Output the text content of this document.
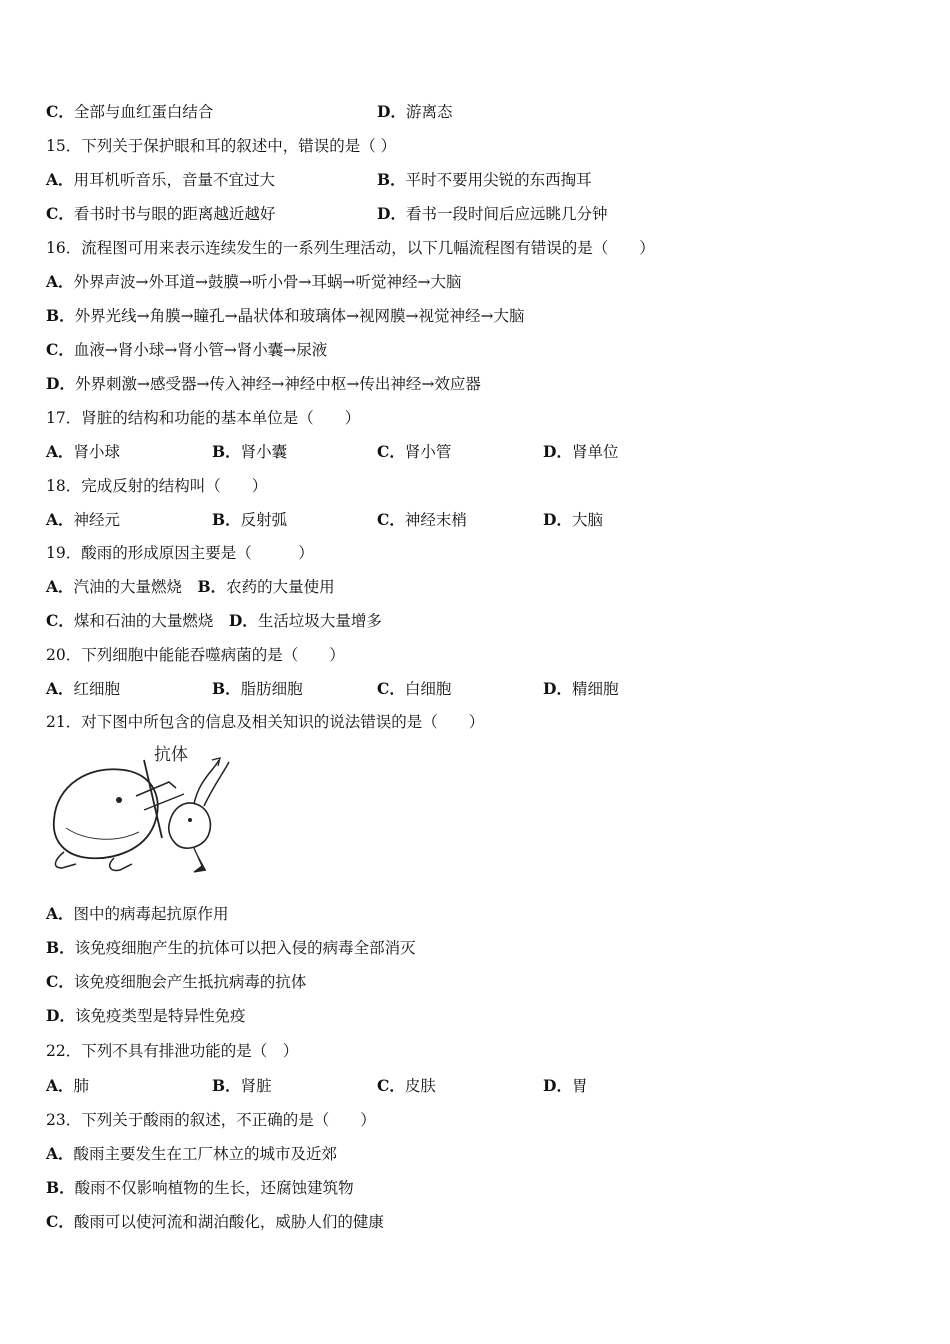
C．全部与血红蛋白结合	D．游离态
15．下列关于保护眼和耳的叙述中，错误的是（ ）
A．用耳机听音乐，音量不宜过大	B．平时不要用尖锐的东西掏耳
C．看书时书与眼的距离越近越好	D．看书一段时间后应远眺几分钟
16．流程图可用来表示连续发生的一系列生理活动，以下几幅流程图有错误的是（　　）
A．外界声波→外耳道→鼓膜→听小骨→耳蜗→听觉神经→大脑
B．外界光线→角膜→瞳孔→晶状体和玻璃体→视网膜→视觉神经→大脑
C．血液→肾小球→肾小管→肾小囊→尿液
D．外界刺激→感受器→传入神经→神经中枢→传出神经→效应器
17．肾脏的结构和功能的基本单位是（　　）
A．肾小球	B．肾小囊	C．肾小管	D．肾单位
18．完成反射的结构叫（　　）
A．神经元	B．反射弧	C．神经末梢	D．大脑
19．酸雨的形成原因主要是（　　　）
A．汽油的大量燃烧　B．农药的大量使用
C．煤和石油的大量燃烧　D．生活垃圾大量增多
20．下列细胞中能能吞噬病菌的是（　　）
A．红细胞	B．脂肪细胞	C．白细胞	D．精细胞
21．对下图中所包含的信息及相关知识的说法错误的是（　　）
抗体
A．图中的病毒起抗原作用
B．该免疫细胞产生的抗体可以把入侵的病毒全部消灭
C．该免疫细胞会产生抵抗病毒的抗体
D．该免疫类型是特异性免疫
22．下列不具有排泄功能的是（　）
A．肺	B．肾脏	C．皮肤	D．胃
23．下列关于酸雨的叙述，不正确的是（　　）
A．酸雨主要发生在工厂林立的城市及近郊
B．酸雨不仅影响植物的生长，还腐蚀建筑物
C．酸雨可以使河流和湖泊酸化，威胁人们的健康
